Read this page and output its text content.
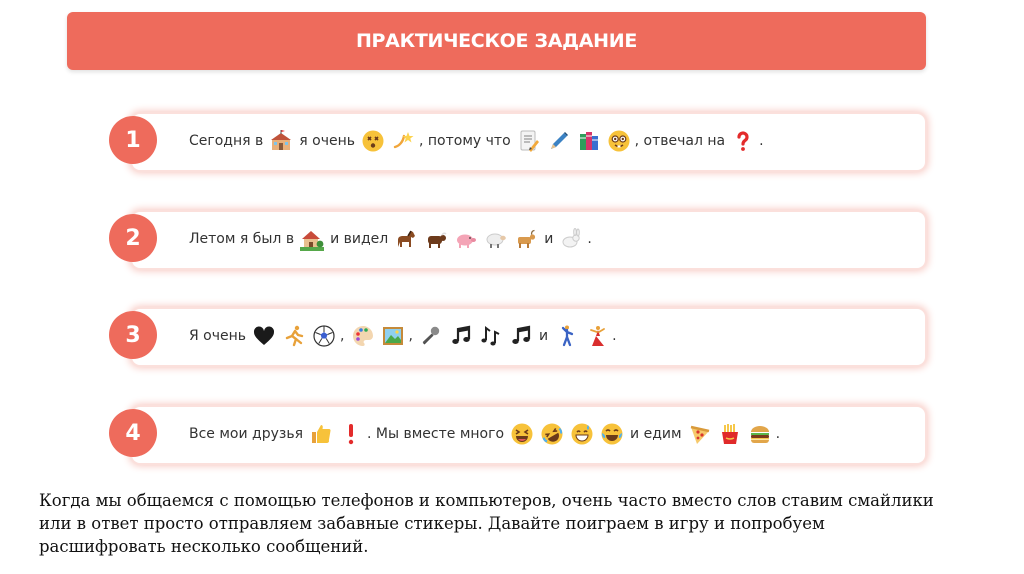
ПРАКТИЧЕСКОЕ ЗАДАНИЕ
1	Сегодня в	я очень	, потому что	, отвечал на .
2	Летом я был в	и видел	и .
3	Я очень	,	,	и	.
4	Все мои друзья	. Мы вместе много	и едим	.
Когда мы общаемся с помощью телефонов и компьютеров, очень часто вместо слов ставим смайлики
или в ответ просто отправляем забавные стикеры. Давайте поиграем в игру и попробуем
расшифровать несколько сообщений.
